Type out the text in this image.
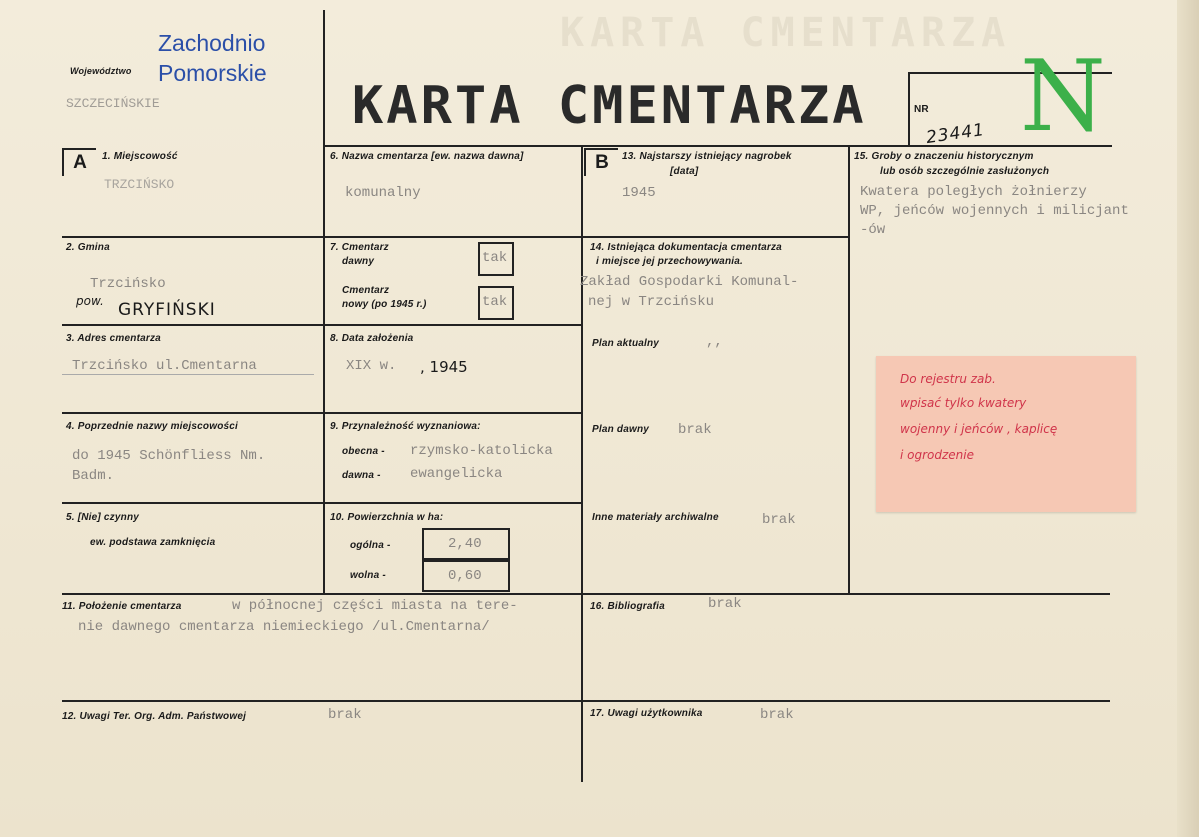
KARTA CMENTARZA
Województwo
Zachodnio
Pomorskie
SZCZECIŃSKIE	KARTA CMENTARZA	NR
23441 N
A	B
1. Miejscowość
TRZCIŃSKO
6. Nazwa cmentarza [ew. nazwa dawna]
komunalny
13. Najstarszy istniejący nagrobek
[data]
1945
15. Groby o znaczeniu historycznym
lub osób szczególnie zasłużonych
Kwatera poległych żołnierzy
WP, jeńców wojennych i milicjant
-ów
2. Gmina
Trzcińsko
pow. GRYFIŃSKI
7. Cmentarz
dawny	tak
Cmentarz
nowy (po 1945 r.)	tak
14. Istniejąca dokumentacja cmentarza
i miejsce jej przechowywania.
Zakład Gospodarki Komunal-
nej w Trzcińsku
3. Adres cmentarza
Trzcińsko ul.Cmentarna
8. Data założenia
XIX w. , 1945
Plan aktualny	,,
4. Poprzednie nazwy miejscowości
do 1945 Schönfliess Nm.
Badm.
9. Przynależność wyznaniowa:
obecna - rzymsko-katolicka
dawna - ewangelicka
Plan dawny brak
5. [Nie] czynny
ew. podstawa zamknięcia
10. Powierzchnia w ha:
ogólna -	2,40
wolna -	0,60
Inne materiały archiwalne	brak
11. Położenie cmentarza	w północnej części miasta na tere-
nie dawnego cmentarza niemieckiego /ul.Cmentarna/
16. Bibliografia	brak
12. Uwagi Ter. Org. Adm. Państwowej	brak	17. Uwagi użytkownika	brak
Do rejestru zab.
wpisać tylko kwatery
wojenny i jeńców , kaplicę
i ogrodzenie
